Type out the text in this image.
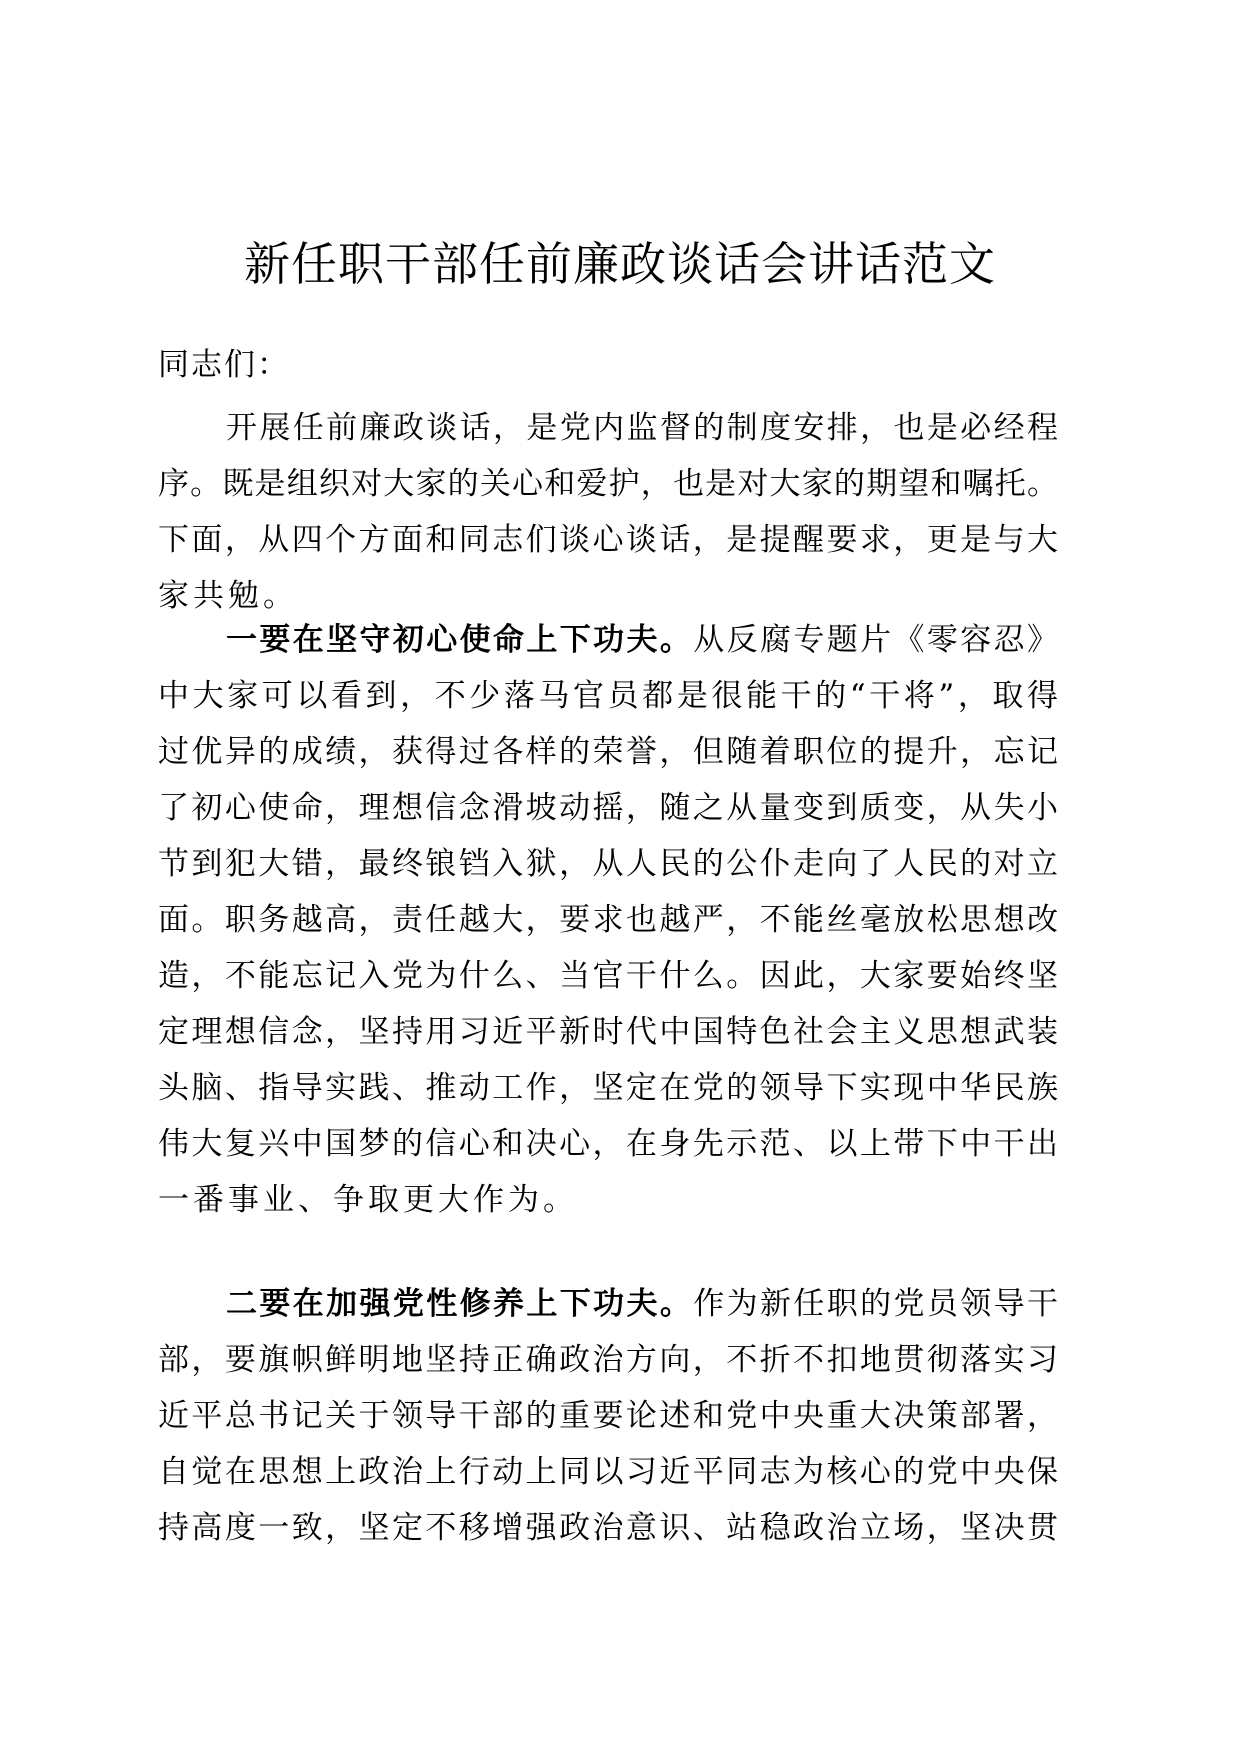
新任职干部任前廉政谈话会讲话范文
同志们：
开展任前廉政谈话，是党内监督的制度安排，也是必经程
序。既是组织对大家的关心和爱护，也是对大家的期望和嘱托。
下面，从四个方面和同志们谈心谈话，是提醒要求，更是与大
家共勉。
一要在坚守初心使命上下功夫。从反腐专题片《零容忍》
中大家可以看到，不少落马官员都是很能干的“干将”，取得
过优异的成绩，获得过各样的荣誉，但随着职位的提升，忘记
了初心使命，理想信念滑坡动摇，随之从量变到质变，从失小
节到犯大错，最终锒铛入狱，从人民的公仆走向了人民的对立
面。职务越高，责任越大，要求也越严，不能丝毫放松思想改
造，不能忘记入党为什么、当官干什么。因此，大家要始终坚
定理想信念，坚持用习近平新时代中国特色社会主义思想武装
头脑、指导实践、推动工作，坚定在党的领导下实现中华民族
伟大复兴中国梦的信心和决心，在身先示范、以上带下中干出
一番事业、争取更大作为。
二要在加强党性修养上下功夫。作为新任职的党员领导干
部，要旗帜鲜明地坚持正确政治方向，不折不扣地贯彻落实习
近平总书记关于领导干部的重要论述和党中央重大决策部署，
自觉在思想上政治上行动上同以习近平同志为核心的党中央保
持高度一致，坚定不移增强政治意识、站稳政治立场，坚决贯
